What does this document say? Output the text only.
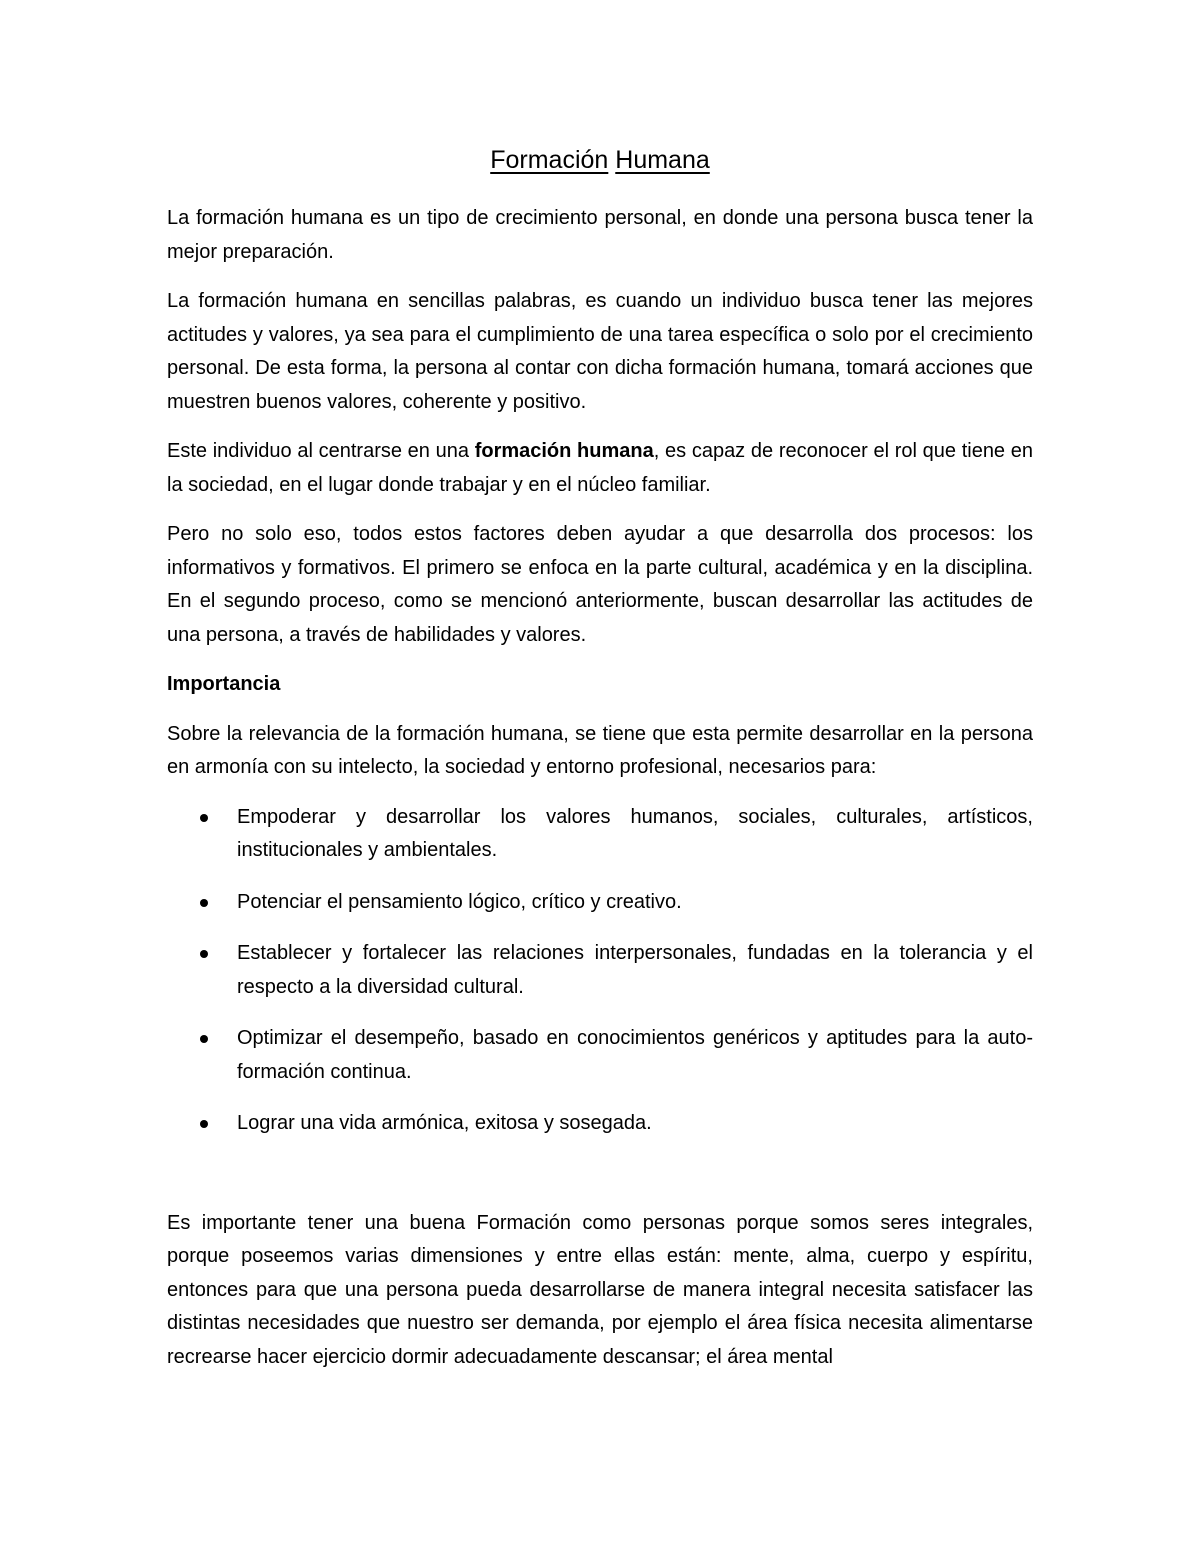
Formación Humana

La formación humana es un tipo de crecimiento personal, en donde una persona busca tener la mejor preparación.

La formación humana en sencillas palabras, es cuando un individuo busca tener las mejores actitudes y valores, ya sea para el cumplimiento de una tarea específica o solo por el crecimiento personal. De esta forma, la persona al contar con dicha formación humana, tomará acciones que muestren buenos valores, coherente y positivo.

Este individuo al centrarse en una formación humana, es capaz de reconocer el rol que tiene en la sociedad, en el lugar donde trabajar y en el núcleo familiar.

Pero no solo eso, todos estos factores deben ayudar a que desarrolla dos procesos: los informativos y formativos. El primero se enfoca en la parte cultural, académica y en la disciplina. En el segundo proceso, como se mencionó anteriormente, buscan desarrollar las actitudes de una persona, a través de habilidades y valores.

Importancia

Sobre la relevancia de la formación humana, se tiene que esta permite desarrollar en la persona en armonía con su intelecto, la sociedad y entorno profesional, necesarios para:

Empoderar y desarrollar los valores humanos, sociales, culturales, artísticos, institucionales y ambientales.
Potenciar el pensamiento lógico, crítico y creativo.
Establecer y fortalecer las relaciones interpersonales, fundadas en la tolerancia y el respecto a la diversidad cultural.
Optimizar el desempeño, basado en conocimientos genéricos y aptitudes para la auto-formación continua.
Lograr una vida armónica, exitosa y sosegada.

Es importante tener una buena Formación como personas porque somos seres integrales, porque poseemos varias dimensiones y entre ellas están: mente, alma, cuerpo y espíritu, entonces para que una persona pueda desarrollarse de manera integral necesita satisfacer las distintas necesidades que nuestro ser demanda, por ejemplo el área física necesita alimentarse recrearse hacer ejercicio dormir adecuadamente descansar; el área mental
